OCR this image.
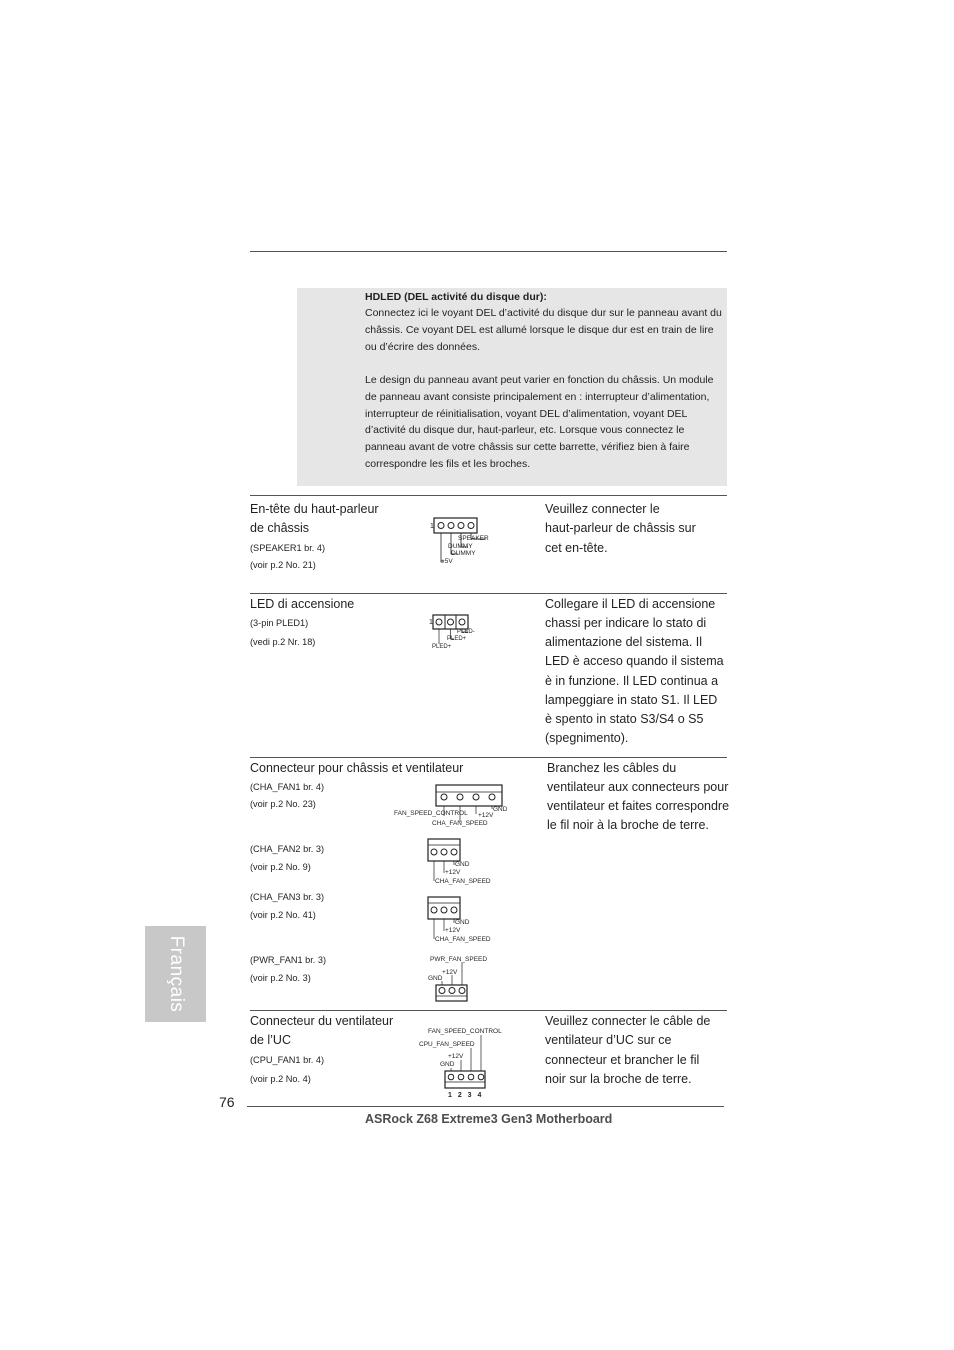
HDLED (DEL activité du disque dur):
Connectez ici le voyant DEL d’activité du disque dur sur le panneau avant du châssis. Ce voyant DEL est allumé lorsque le disque dur est en train de lire ou d’écrire des données.
Le design du panneau avant peut varier en fonction du châssis. Un module de panneau avant consiste principalement en : interrupteur d’alimentation, interrupteur de réinitialisation, voyant DEL d’alimentation, voyant DEL d’activité du disque dur, haut-parleur, etc. Lorsque vous connectez le panneau avant de votre châssis sur cette barrette, vérifiez bien à faire correspondre les fils et les broches.
En-tête du haut-parleur
de châssis
(SPEAKER1 br. 4)
(voir p.2 No. 21)
1
SPEAKER
DUMMY
DUMMY
+5V
Veuillez connecter le
haut-parleur de châssis sur
cet en-tête.
LED di accensione
(3-pin PLED1)
(vedi p.2 Nr. 18)
1
PLED-
PLED+
PLED+
Collegare il LED di accensione
chassi per indicare lo stato di
alimentazione del sistema. Il
LED è acceso quando il sistema
è in funzione. Il LED continua a
lampeggiare in stato S1. Il LED
è spento in stato S3/S4 o S5
(spegnimento).
Connecteur pour châssis et ventilateur	Branchez les câbles du
ventilateur aux connecteurs pour
ventilateur et faites correspondre
le fil noir à la broche de terre.
(CHA_FAN1 br. 4)
(voir p.2 No. 23)
FAN_SPEED_CONTROL
GND
+12V
CHA_FAN_SPEED
(CHA_FAN2 br. 3)
(voir p.2 No. 9)	GND
+12V
CHA_FAN_SPEED
(CHA_FAN3 br. 3)
(voir p.2 No. 41)
GND
+12V
CHA_FAN_SPEED
(PWR_FAN1 br. 3)
(voir p.2 No. 3)
PWR_FAN_SPEED
+12V
GND
Connecteur du ventilateur
de l’UC
(CPU_FAN1 br. 4)
(voir p.2 No. 4)
FAN_SPEED_CONTROL
CPU_FAN_SPEED
+12V
GND
1 2 3 4
Veuillez connecter le câble de
ventilateur d’UC sur ce
connecteur et brancher le fil
noir sur la broche de terre.
Français
76
ASRock Z68 Extreme3 Gen3 Motherboard
